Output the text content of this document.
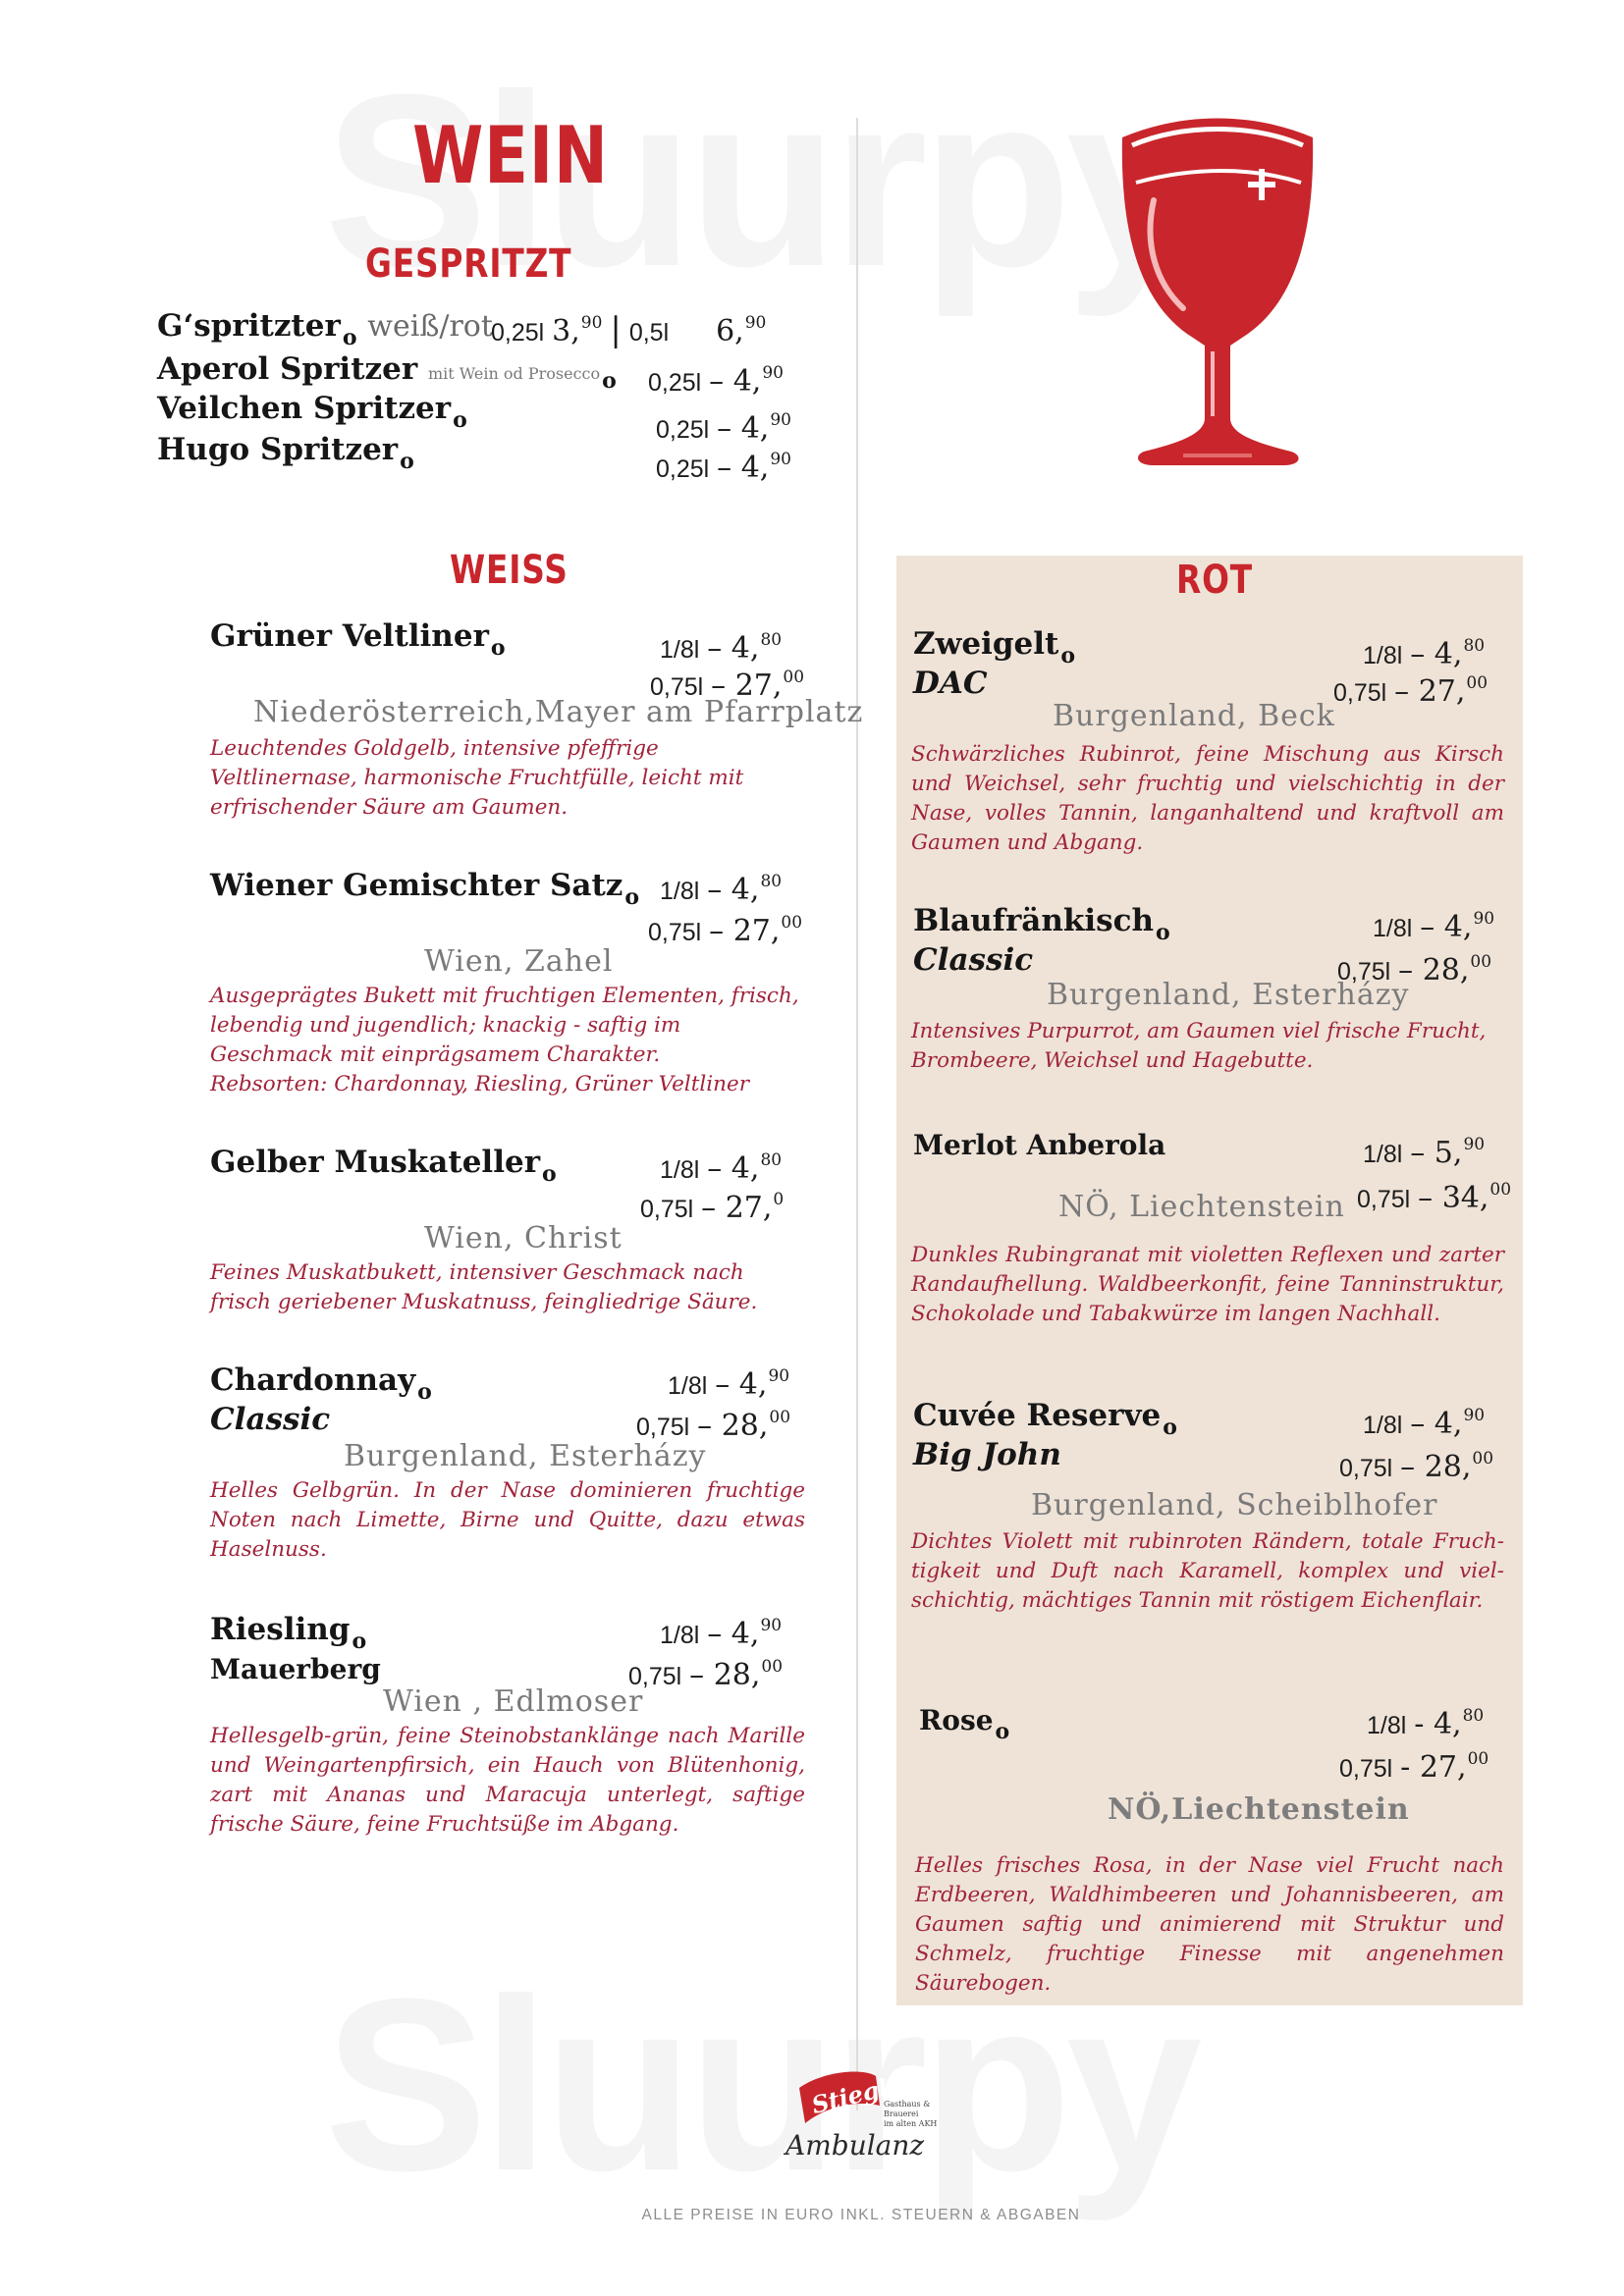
WEIN
GESPRITZT
WEISS	ROT
G‘spritzter$_o$ weiß/rot
0,25l 3,90 | 0,5l 6,90
Aperol Spritzer mit Wein od Prosecco$_o$ 0,25l – 4,90
Veilchen Spritzer$_o$	0,25l – 4,90
Hugo Spritzer$_o$	0,25l – 4,90
Grüner Veltliner$_o$	1/8l – 4,80
0,75l – 27,00
Niederösterreich,Mayer am Pfarrplatz
Leuchtendes Goldgelb, intensive pfeffrige Veltlinernase, harmonische Fruchtfülle, leicht mit erfrischender Säure am Gaumen.
Wiener Gemischter Satz$_o$ 1/8l – 4,80
0,75l – 27,00
Wien, Zahel
Ausgeprägtes Bukett mit fruchtigen Elementen, frisch, lebendig und jugendlich; knackig - saftig im Geschmack mit einprägsamem Charakter.
Rebsorten: Chardonnay, Riesling, Grüner Veltliner
Gelber Muskateller$_o$	1/8l – 4,80
0,75l – 27,$^0$
Wien, Christ
Feines Muskatbukett, intensiver Geschmack nach frisch geriebener Muskatnuss, feingliedrige Säure.
Chardonnay$_o$
Classic
1/8l – 4,90
0,75l – 28,00
Burgenland, Esterházy
Helles Gelbgrün. In der Nase dominieren fruchtige Noten nach Limette, Birne und Quitte, dazu etwas Haselnuss.
Riesling$_o$
Mauerberg
1/8l – 4,90
0,75l – 28,00
Wien , Edlmoser
Hellesgelb-grün, feine Steinobstanklänge nach Marille und Weingartenpfirsich, ein Hauch von Blütenhonig, zart mit Ananas und Maracuja unterlegt, saftige frische Säure, feine Fruchtsüße im Abgang.
Zweigelt$_o$
DAC
1/8l – 4,80
0,75l – 27,00
Burgenland, Beck
Schwärzliches Rubinrot, feine Mischung aus Kirsch und Weichsel, sehr fruchtig und vielschichtig in der Nase, volles Tannin, langanhaltend und kraftvoll am Gaumen und Abgang.
Blaufränkisch$_o$
Classic
1/8l – 4,90
0,75l – 28,00
Burgenland, Esterházy
Intensives Purpurrot, am Gaumen viel frische Frucht, Brombeere, Weichsel und Hagebutte.
Merlot Anberola	1/8l – 5,90
0,75l – 34,00
NÖ, Liechtenstein
Dunkles Rubingranat mit violetten Reflexen und zarter Randaufhellung. Waldbeerkonfit, feine Tanninstruktur, Schokolade und Tabakwürze im langen Nachhall.
Cuvée Reserve$_o$
Big John
1/8l – 4,90
0,75l – 28,00
Burgenland, Scheiblhofer
Dichtes Violett mit rubinroten Rändern, totale Fruch-tigkeit und Duft nach Karamell, komplex und viel-schichtig, mächtiges Tannin mit röstigem Eichenflair.
Rose$_o$	1/8l - 4,80
0,75l - 27,00
NÖ,Liechtenstein
Helles frisches Rosa, in der Nase viel Frucht nach Erdbeeren, Waldhimbeeren und Johannisbeeren, am Gaumen saftig und animierend mit Struktur und Schmelz, fruchtige Finesse mit angenehmen Säurebogen.
Stiegl
Gasthaus & Brauerei
im alten AKH
Ambulanz
ALLE PREISE IN EURO INKL. STEUERN & ABGABEN
